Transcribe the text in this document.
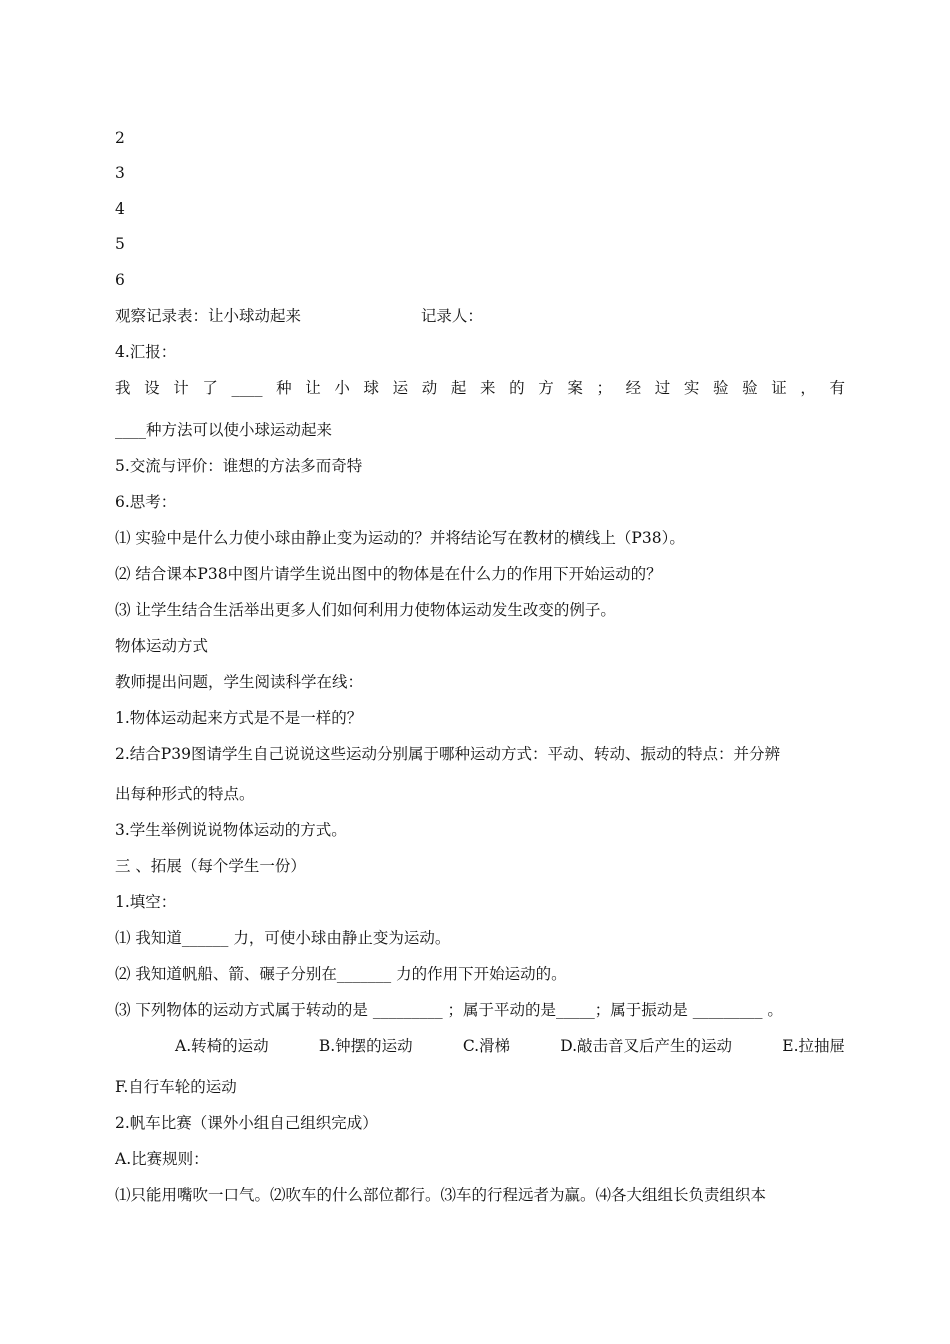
2
3
4
5
6
观察记录表：让小球动起来	记录人：
4.汇报：
我 设 计 了 ____ 种 让 小 球 运 动 起 来 的 方 案 ； 经 过 实 验 验 证 ， 有
____种方法可以使小球运动起来
5.交流与评价：谁想的方法多而奇特
6.思考：
⑴ 实验中是什么力使小球由静止变为运动的？并将结论写在教材的横线上（P38）。
⑵ 结合课本P38中图片请学生说出图中的物体是在什么力的作用下开始运动的？
⑶ 让学生结合生活举出更多人们如何利用力使物体运动发生改变的例子。
物体运动方式
教师提出问题，学生阅读科学在线：
1.物体运动起来方式是不是一样的？
2.结合P39图请学生自己说说这些运动分别属于哪种运动方式：平动、转动、振动的特点：并分辨
出每种形式的特点。
3.学生举例说说物体运动的方式。
三 、拓展（每个学生一份）
1.填空：
⑴ 我知道______ 力，可使小球由静止变为运动。
⑵ 我知道帆船、箭、碾子分别在_______ 力的作用下开始运动的。
⑶ 下列物体的运动方式属于转动的是 _________ ；属于平动的是_____；属于振动是 _________ 。
A.转椅的运动	B.钟摆的运动	C.滑梯	D.敲击音叉后产生的运动	E.拉抽屉
F.自行车轮的运动
2.帆车比赛（课外小组自己组织完成）
A.比赛规则：
⑴只能用嘴吹一口气。⑵吹车的什么部位都行。⑶车的行程远者为赢。⑷各大组组长负责组织本
